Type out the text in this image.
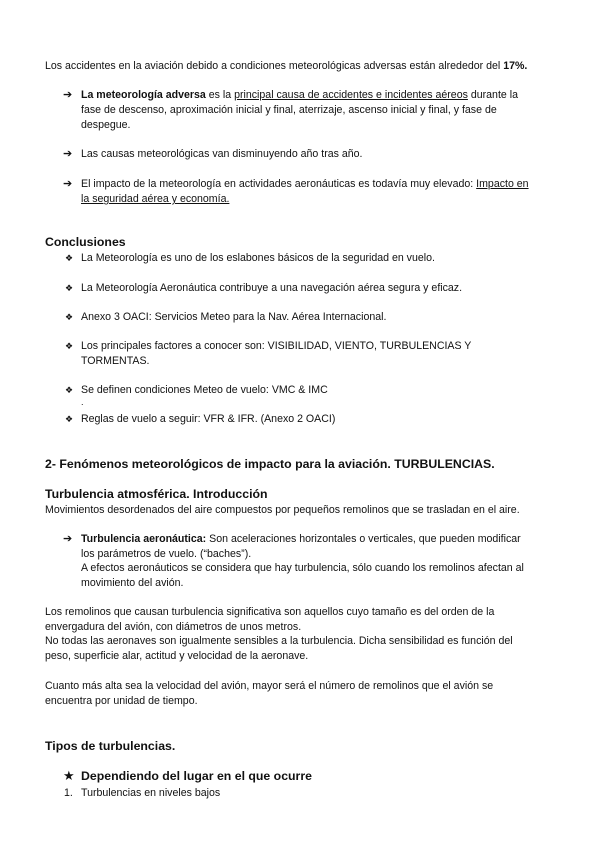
Los accidentes en la aviación debido a condiciones meteorológicas adversas están alrededor del 17%.
➔ La meteorología adversa es la principal causa de accidentes e incidentes aéreos durante la
fase de descenso, aproximación inicial y final, aterrizaje, ascenso inicial y final, y fase de
despegue.
➔ Las causas meteorológicas van disminuyendo año tras año.
➔ El impacto de la meteorología en actividades aeronáuticas es todavía muy elevado: Impacto en
la seguridad aérea y economía.
Conclusiones
❖ La Meteorología es uno de los eslabones básicos de la seguridad en vuelo.
❖ La Meteorología Aeronáutica contribuye a una navegación aérea segura y eficaz.
❖ Anexo 3 OACI: Servicios Meteo para la Nav. Aérea Internacional.
❖ Los principales factores a conocer son: VISIBILIDAD, VIENTO, TURBULENCIAS Y
TORMENTAS.
❖ Se definen condiciones Meteo de vuelo: VMC & IMC
.
❖ Reglas de vuelo a seguir: VFR & IFR. (Anexo 2 OACI)
2- Fenómenos meteorológicos de impacto para la aviación. TURBULENCIAS.
Turbulencia atmosférica. Introducción
Movimientos desordenados del aire compuestos por pequeños remolinos que se trasladan en el aire.
➔ Turbulencia aeronáutica: Son aceleraciones horizontales o verticales, que pueden modificar
los parámetros de vuelo. (“baches”).
A efectos aeronáuticos se considera que hay turbulencia, sólo cuando los remolinos afectan al
movimiento del avión.
Los remolinos que causan turbulencia significativa son aquellos cuyo tamaño es del orden de la
envergadura del avión, con diámetros de unos metros.
No todas las aeronaves son igualmente sensibles a la turbulencia. Dicha sensibilidad es función del
peso, superficie alar, actitud y velocidad de la aeronave.
Cuanto más alta sea la velocidad del avión, mayor será el número de remolinos que el avión se
encuentra por unidad de tiempo.
Tipos de turbulencias.
★ Dependiendo del lugar en el que ocurre
1. Turbulencias en niveles bajos
